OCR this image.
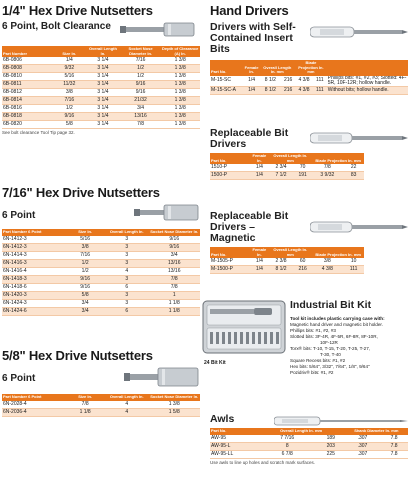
1/4" Hex Drive Nutsetters
6 Point, Bolt Clearance
Part Number	Size In.	Overall Length In.	Socket Nose Diameter In.	Depth of Clearance (A) In.
6B-0806	1/4	3 1/4	7/16	1 3/8
6B-0808	9/32	3 1/4	1/2	1 3/8
6B-0810	5/16	3 1/4	1/2	1 3/8
6B-0811	11/32	3 1/4	9/16	1 3/8
6B-0812	3/8	3 1/4	9/16	1 3/8
6B-0814	7/16	3 1/4	21/32	1 3/8
6B-0816	1/2	3 1/4	3/4	1 3/8
6B-0818	9/16	3 1/4	13/16	1 3/8
6B-0820	5/8	3 1/4	7/8	1 3/8
See bolt clearance Tool Tip page 32.
7/16" Hex Drive Nutsetters
6 Point
Part Number 6 Point	Size In.	Overall Length In.	Socket Nose Diameter In.
6N-1412-3	5/16	3	9/16
6N-1412-3	3/8	3	9/16
6N-1414-3	7/16	3	3/4
6N-1416-3	1/2	3	13/16
6N-1416-4	1/2	4	13/16
6N-1418-3	9/16	3	7/8
6N-1418-6	9/16	6	7/8
6N-1420-3	5/8	3	1
6N-1424-3	3/4	3	1 1/8
6N-1424-6	3/4	6	1 1/8
5/8" Hex Drive Nutsetters
6 Point
Part Number 6 Point	Size In.	Overall Length In.	Socket Nose Diameter In.
6N-2028-4	7/8	4	1 3/8
6N-2036-4	1 1/8	4	1 5/8
Hand Drivers
Drivers with Self-Contained Insert Bits
Part No.	Female In.	Overall Length In. mm		Blade Projection In. mm		
M-15-SC	1/4	8 1/2	216	4 3/8	111	Phillips bits: #1, #2, #3; Slotted: 4F-5R, 10F-12R; hollow handle.
M-15-SC-A	1/4	8 1/2	216	4 3/8	111	Without bits; hollow handle.
Replaceable Bit Drivers
Part No.	Female In.	Overall Length In. mm		Blade Projection In. mm	
1510-P	1/4	2 3/4	70	7/8	22
1500-P	1/4	7 1/2	191	3 9/32	83
Replaceable Bit Drivers – Magnetic
Part No.	Female In.	Overall Length In. mm		Blade Projection In. mm	
M-1505-P	1/4	2 3/8	60	3/8	10
M-1500-P	1/4	8 1/2	216	4 3/8	111
24 Bit Kit
Industrial Bit Kit

Tool kit includes plastic carrying case with:

Magnetic hand driver and magnetic bit holder.

Phillips bits: #1, #2, #3

Slotted bits: 3F-4R, 4F-5R, 6F-8R, 8F-10R,

10F-12R

Torx® bits: T-10, T-15, T-20, T-25, T-27,

T-30, T-40

Square Recess bits: #1, #2

Hex bits: 5/64", 3/32", 7/64", 1/8", 9/64"

Pozidriv® bits: #1, #2

Awls
Part No.	Overall Length In. mm		Shank Diameter In. mm	
AW-95	7 7/16	189	.307	7.8
AW-95-L	8	203	.307	7.8
AW-95-LL	6 7/8	225	.307	7.8
Use awls to line up holes and scratch mark surfaces.
